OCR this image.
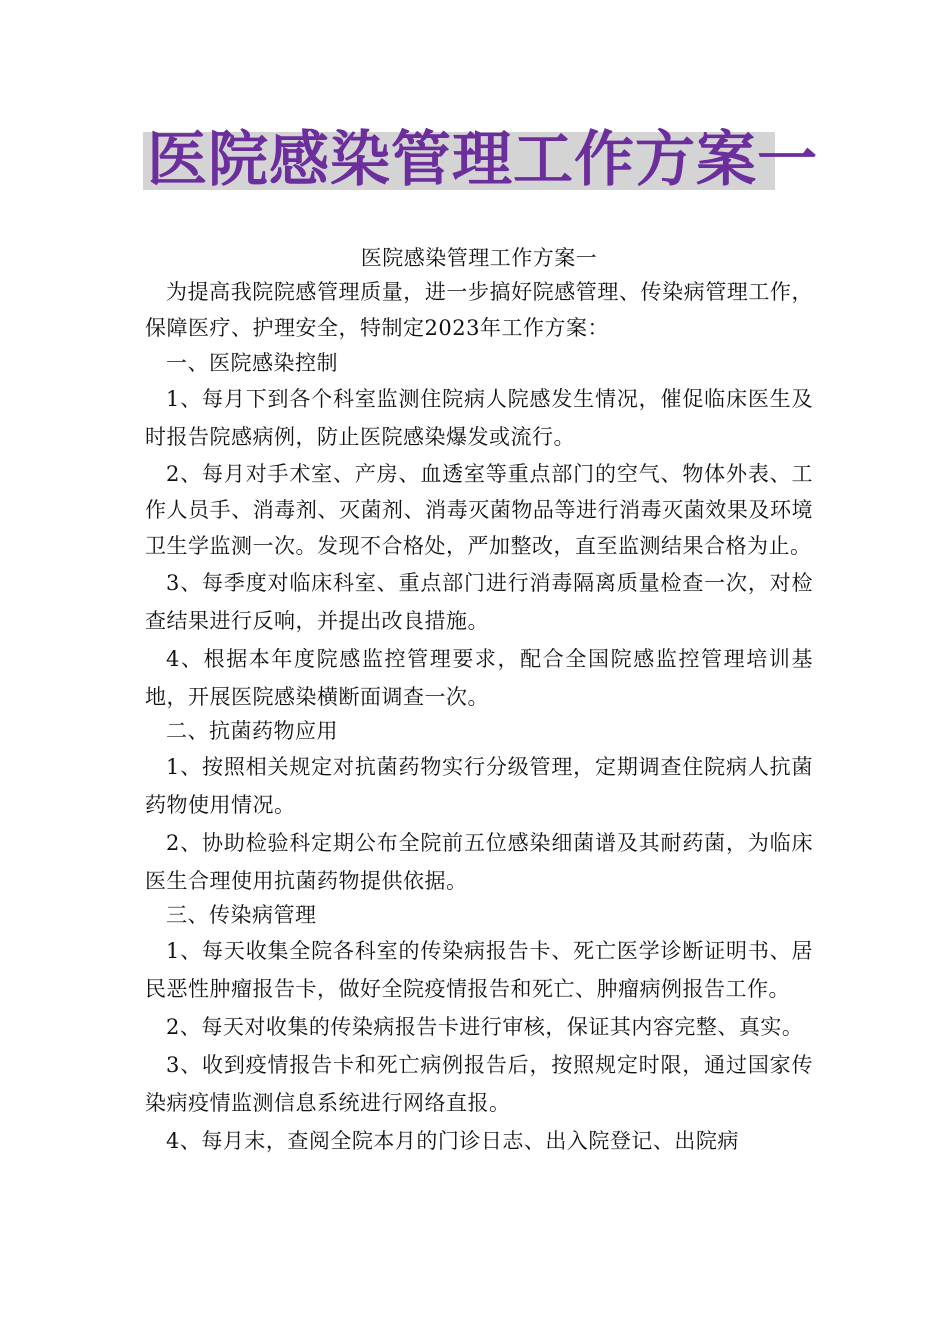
医院感染管理工作方案一

医院感染管理工作方案一

为提高我院院感管理质量，进一步搞好院感管理、传染病管理工作，保障医疗、护理安全，特制定2023年工作方案：

一、医院感染控制

1、每月下到各个科室监测住院病人院感发生情况，催促临床医生及时报告院感病例，防止医院感染爆发或流行。

2、每月对手术室、产房、血透室等重点部门的空气、物体外表、工作人员手、消毒剂、灭菌剂、消毒灭菌物品等进行消毒灭菌效果及环境卫生学监测一次。发现不合格处，严加整改，直至监测结果合格为止。

3、每季度对临床科室、重点部门进行消毒隔离质量检查一次，对检查结果进行反响，并提出改良措施。

4、根据本年度院感监控管理要求，配合全国院感监控管理培训基地，开展医院感染横断面调查一次。

二、抗菌药物应用

1、按照相关规定对抗菌药物实行分级管理，定期调查住院病人抗菌药物使用情况。

2、协助检验科定期公布全院前五位感染细菌谱及其耐药菌，为临床医生合理使用抗菌药物提供依据。

三、传染病管理

1、每天收集全院各科室的传染病报告卡、死亡医学诊断证明书、居民恶性肿瘤报告卡，做好全院疫情报告和死亡、肿瘤病例报告工作。

2、每天对收集的传染病报告卡进行审核，保证其内容完整、真实。

3、收到疫情报告卡和死亡病例报告后，按照规定时限，通过国家传染病疫情监测信息系统进行网络直报。

4、每月末，查阅全院本月的门诊日志、出入院登记、出院病
